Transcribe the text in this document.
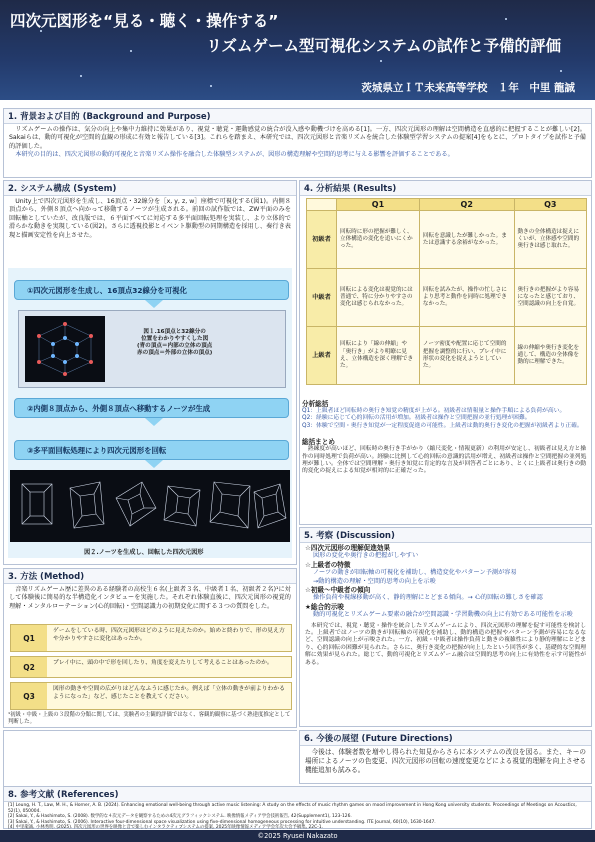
四次元図形を“見る・聴く・操作する”
リズムゲーム型可視化システムの試作と予備的評価
茨城県立ＩＴ未来高等学校　１年　中里 龍誠
1. 背景および目的 (Background and Purpose)

リズムゲームの操作は、気分の向上や集中力維持に効果があり、視覚・聴覚・運動感覚の統合が没入感や動機づけを高める[1]。一方、四次元図形の理解は空間構造を直感的に把握することが難しい[2]。Sakaiらは、動的可視化が空間的直観の形成に有効と報告している[3]。これらを踏まえ、本研究では、四次元図形と音楽リズムを統合した体験型学習システムの提案[4]をもとに、プロトタイプを試作と予備的評価した。

本研究の目的は、四次元図形の動的可視化と音楽リズム操作を融合した体験型システムが、図形の構造理解や空間的思考に与える影響を評価することである。

2. システム構成 (System)
Unity上で四次元図形を生成し、16頂点・32線分を［x, y, z, w］座標で可視化する(図1)。内側８頂点から、外側８頂点へ向かって移動するノーツが生成される。前回の試作版では、ZW平面のみを回転軸としていたが、改良版では、６平面すべてに対応する多平面回転処理を実装し、より立体的で滑らかな動きを実現している(図2)。さらに透視投影とイベント駆動型の同期構造を採用し、奏行き表現と描画安定性を向上させた。
①四次元図形を生成し、16頂点32線分を可視化
図１.16頂点と32線分の
位置をわかりやすくした図
(青の頂点＝内部の立体の頂点
赤の頂点＝外部の立体の頂点)
②内側８頂点から、外側８頂点へ移動するノーツが生成
③多平面回転処理により四次元図形を回転
図２.ノーツを生成し、回転した四次元図形
3. 方法 (Method)
音楽リズムゲーム歴に差異のある経験者の高校生６名(上級者３名、中級者１名、初級者２名)¹に対して体験後に簡易的な半構造化インタビューを実施した。それぞれ体験直後に、四次元図形の視覚的理解・メンタルローテーション(心的回転)・空間認識力の初期変化に関する３つの質問をした。
Q1
ゲームをしている時、四次元図形はどのように見えたのか。始めと終わりで、形の見え方や分かりやすさに変化はあったか。
Q2	プレイ中に、頭の中で形を回したり、角度を変えたりして考えることはあったのか。
Q3
図形の動きや空間の広がりはどんなふうに感じたか。例えば「立体の動きが前よりわかるようになった」など、感じたことを教えてください。
¹初級・中級・上級の３段階の分類に関しては、実験者の主観的評価ではなく、客観的観察に基づく熟達度推定として判断した。
4. 分析結果 (Results)
	Q1	Q2	Q3
初級者	回転時に形の把握が難しく、立体構造の変化を追いにくかった。	回転を意識したが難しかった。または意識する余裕がなかった。	動きの全体構造は捉えにくいが、立体感や空間的奥行きは感じ取れた。
中級者	回転による変化は視覚的には普通で、特に分かりやすさの変化は感じられなかった。	回転を試みたが、操作の忙しさにより思考と動作を同時に処理できなかった。	奥行きの把握がより容易になったと感じており、空間認識の向上を自覚。
上級者	回転により「線の伸縮」や「奥行き」がより明瞭に見え、立体構造を深く理解できた。	ノーツ密度や配置に応じて空間的把握を調整的に行い、プレイ中に形状の変化を捉えようとしていた。	線の伸縮や奥行き変化を通して、構造の全体像を動的に理解できた。
分析総括
Q1：上級者ほど回転時の奥行き知覚の精度が上がる。初級者は情報量と操作手順による負荷が高い。
Q2：経験に応じて心的回転の活用が増加。初級者は操作と空間把握の並行処理が困難。
Q3：体験で空間・奥行き知覚が一定程度促進の可能性。上級者は動的奥行き変化の把握が初級者より正確。
総括まとめ
熟練度が高いほど、回転時の奥行き手がかり（縮尺変化・情報更新）の利用が安定し、初級者は見え方と操作の同時処理で負荷が高い。経験に比例して心的回転の意識的活用が増え、初級者は操作と空間把握の並列処理が難しい。全体では空間理解・奥行き知覚に肯定的な言及が回答者ごとにあり、とくに上級者は奥行きの動的変化の捉えによる知覚が相対的に正確だった。
5. 考察 (Discussion)
☆四次元図形の理解促進効果
図形の変化や奥行きの把握がしやすい
☆上級者の特徴
ノーツの動きが回転軸の可視化を補助し、構造変化やパターン予測が容易
→動的構造の理解・空間的思考の向上を示唆
☆初級〜中級者の傾向
操作負荷や視線移動が高く、静的理解にとどまる傾向。→ 心的回転の難しさを確認
★総合的示唆
動的可視化とリズムゲーム要素の融合が空間認識・学習動機の向上に有効である可能性を示唆
本研究では、視覚・聴覚・操作を統合したリズムゲームにより、四次元図形の理解を促す可能性を検討した。上級者ではノーツの動きが回転軸の可視化を補助し、動的構造の把握やパターン予測が容易になるなど、空間認識の向上が示唆された。一方、初級・中級者は操作負荷と動きの複雑性により静的理解にとどまり、心的回転の困難が見られた。さらに、奥行き変化の把握が向上したという回答が多く、基礎的な空間理解に効果が見られた。総じて、動的可視化とリズムゲーム融合は空間的思考の向上に有効性を示す可能性がある。
6. 今後の展望 (Future Directions)
今後は、体験者数を増やし得られた知見からさらに本システムの改良を図る。また、キーの場所によるノーツの色変更、四次元図形の回転の速度変更などによる視覚的理解を向上させる機能追加も試みる。
8. 参考文献 (References)
[1] Leung, H. T., Law, M. H., & Horner, A. B. (2024). Enhancing emotional well-being through active music listening: A study on the effects of music rhythm games on mood improvement in Hong Kong university students. Proceedings of Meetings on Acoustics, 52(1), 050004.
[2] Sakai, Y., & Hashimoto, S. (2008). 数学的な４次元データを観察するための4次元グラフィックシステム. 映像情報メディア学会技術報告, 42(Supplement1), 123-126.
[3] Sakai, Y., & Hashimoto, S. (2006). Interactive four-dimensional space visualization using five-dimensional homogeneous processing for intuitive understanding. ITE Journal, 60(10), 1630-1647.
[4] 中里龍誠, 小林秀明. (2025). 四次元図形の世界を映像と音で楽しむインタラクティブシステムの提案, 2025年映像情報メディア学会年次大会予稿集, 22C-1.
©2025 Ryusei Nakazato
